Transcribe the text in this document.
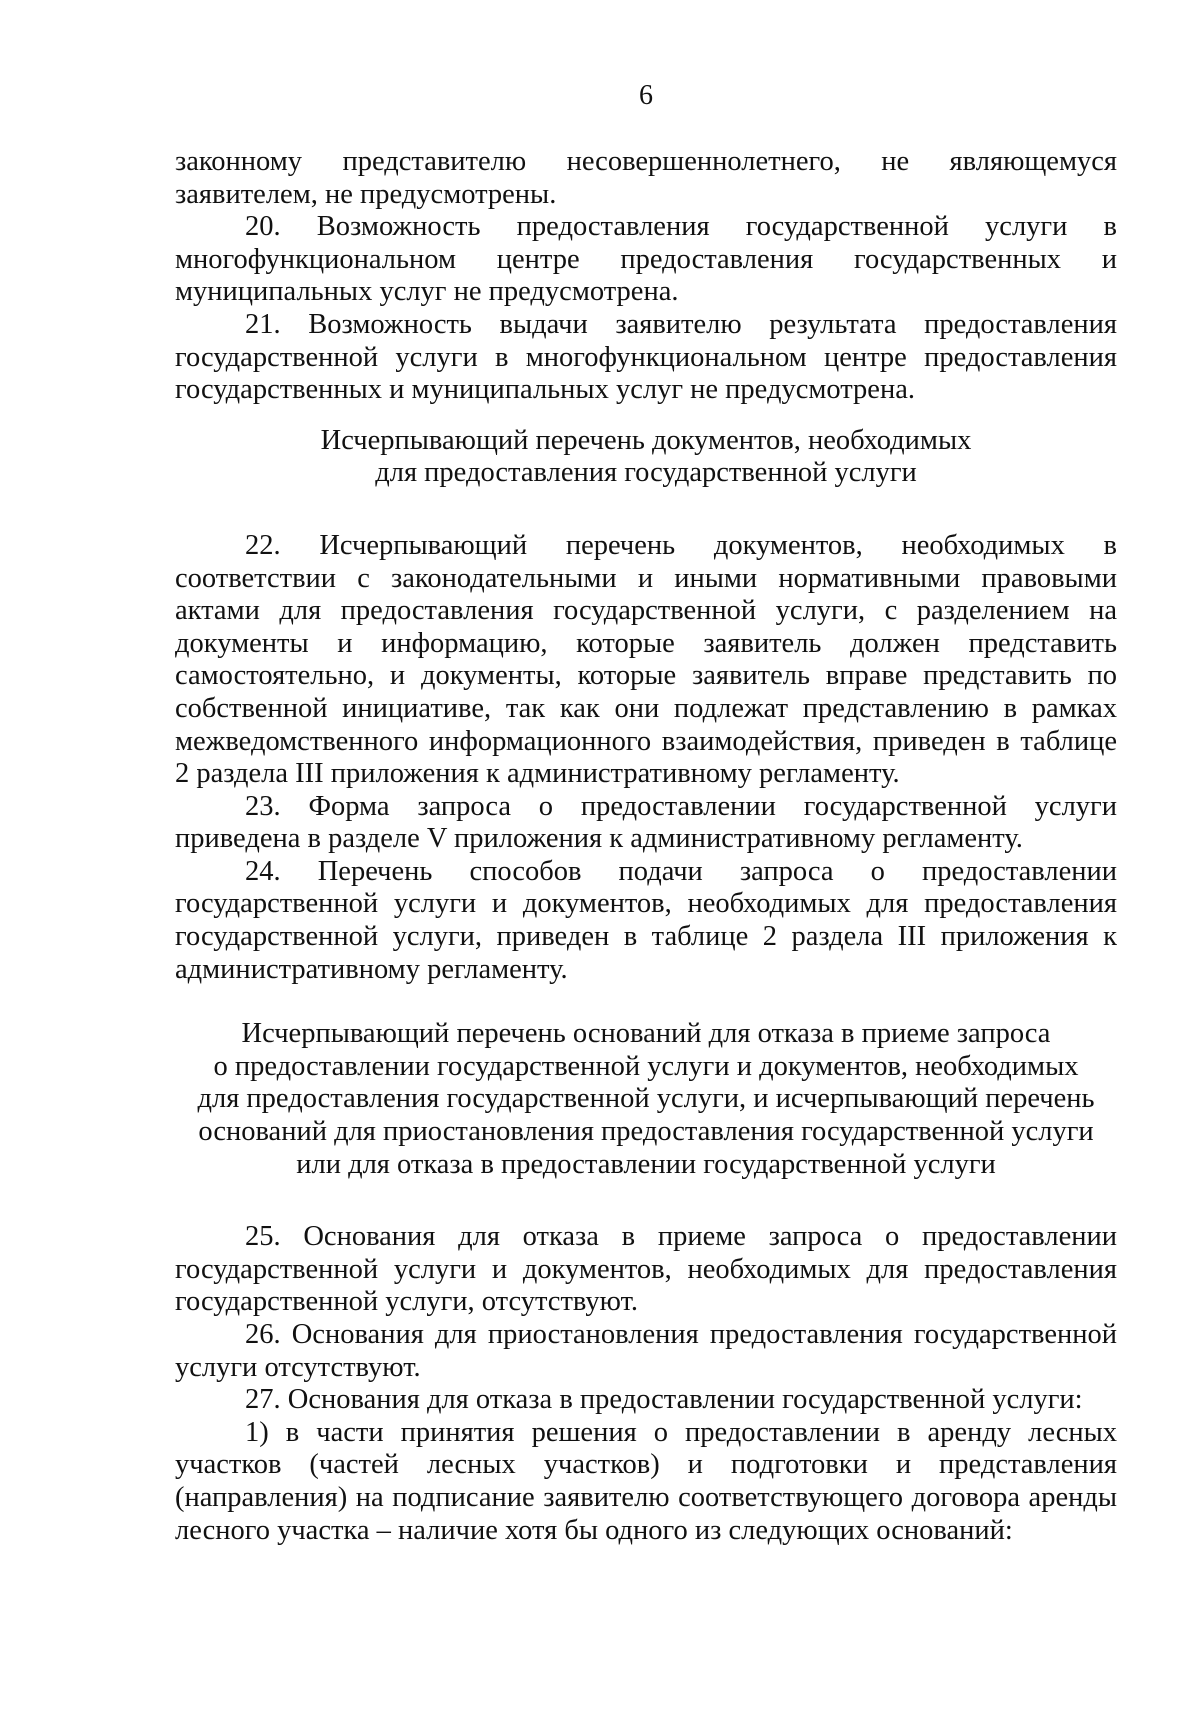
6

законному представителю несовершеннолетнего, не являющемуся заявителем, не предусмотрены.

20. Возможность предоставления государственной услуги в многофункциональном центре предоставления государственных и муниципальных услуг не предусмотрена.

21. Возможность выдачи заявителю результата предоставления государственной услуги в многофункциональном центре предоставления государственных и муниципальных услуг не предусмотрена.

Исчерпывающий перечень документов, необходимых
для предоставления государственной услуги

22. Исчерпывающий перечень документов, необходимых в соответствии с законодательными и иными нормативными правовыми актами для предоставления государственной услуги, с разделением на документы и информацию, которые заявитель должен представить самостоятельно, и документы, которые заявитель вправе представить по собственной инициативе, так как они подлежат представлению в рамках межведомственного информационного взаимодействия, приведен в таблице 2 раздела III приложения к административному регламенту.

23. Форма запроса о предоставлении государственной услуги приведена в разделе V приложения к административному регламенту.

24. Перечень способов подачи запроса о предоставлении государственной услуги и документов, необходимых для предоставления государственной услуги, приведен в таблице 2 раздела III приложения к административному регламенту.

Исчерпывающий перечень оснований для отказа в приеме запроса
о предоставлении государственной услуги и документов, необходимых
для предоставления государственной услуги, и исчерпывающий перечень
оснований для приостановления предоставления государственной услуги
или для отказа в предоставлении государственной услуги

25. Основания для отказа в приеме запроса о предоставлении государственной услуги и документов, необходимых для предоставления государственной услуги, отсутствуют.

26. Основания для приостановления предоставления государственной услуги отсутствуют.

27. Основания для отказа в предоставлении государственной услуги:

1) в части принятия решения о предоставлении в аренду лесных участков (частей лесных участков) и подготовки и представления (направления) на подписание заявителю соответствующего договора аренды лесного участка – наличие хотя бы одного из следующих оснований:
